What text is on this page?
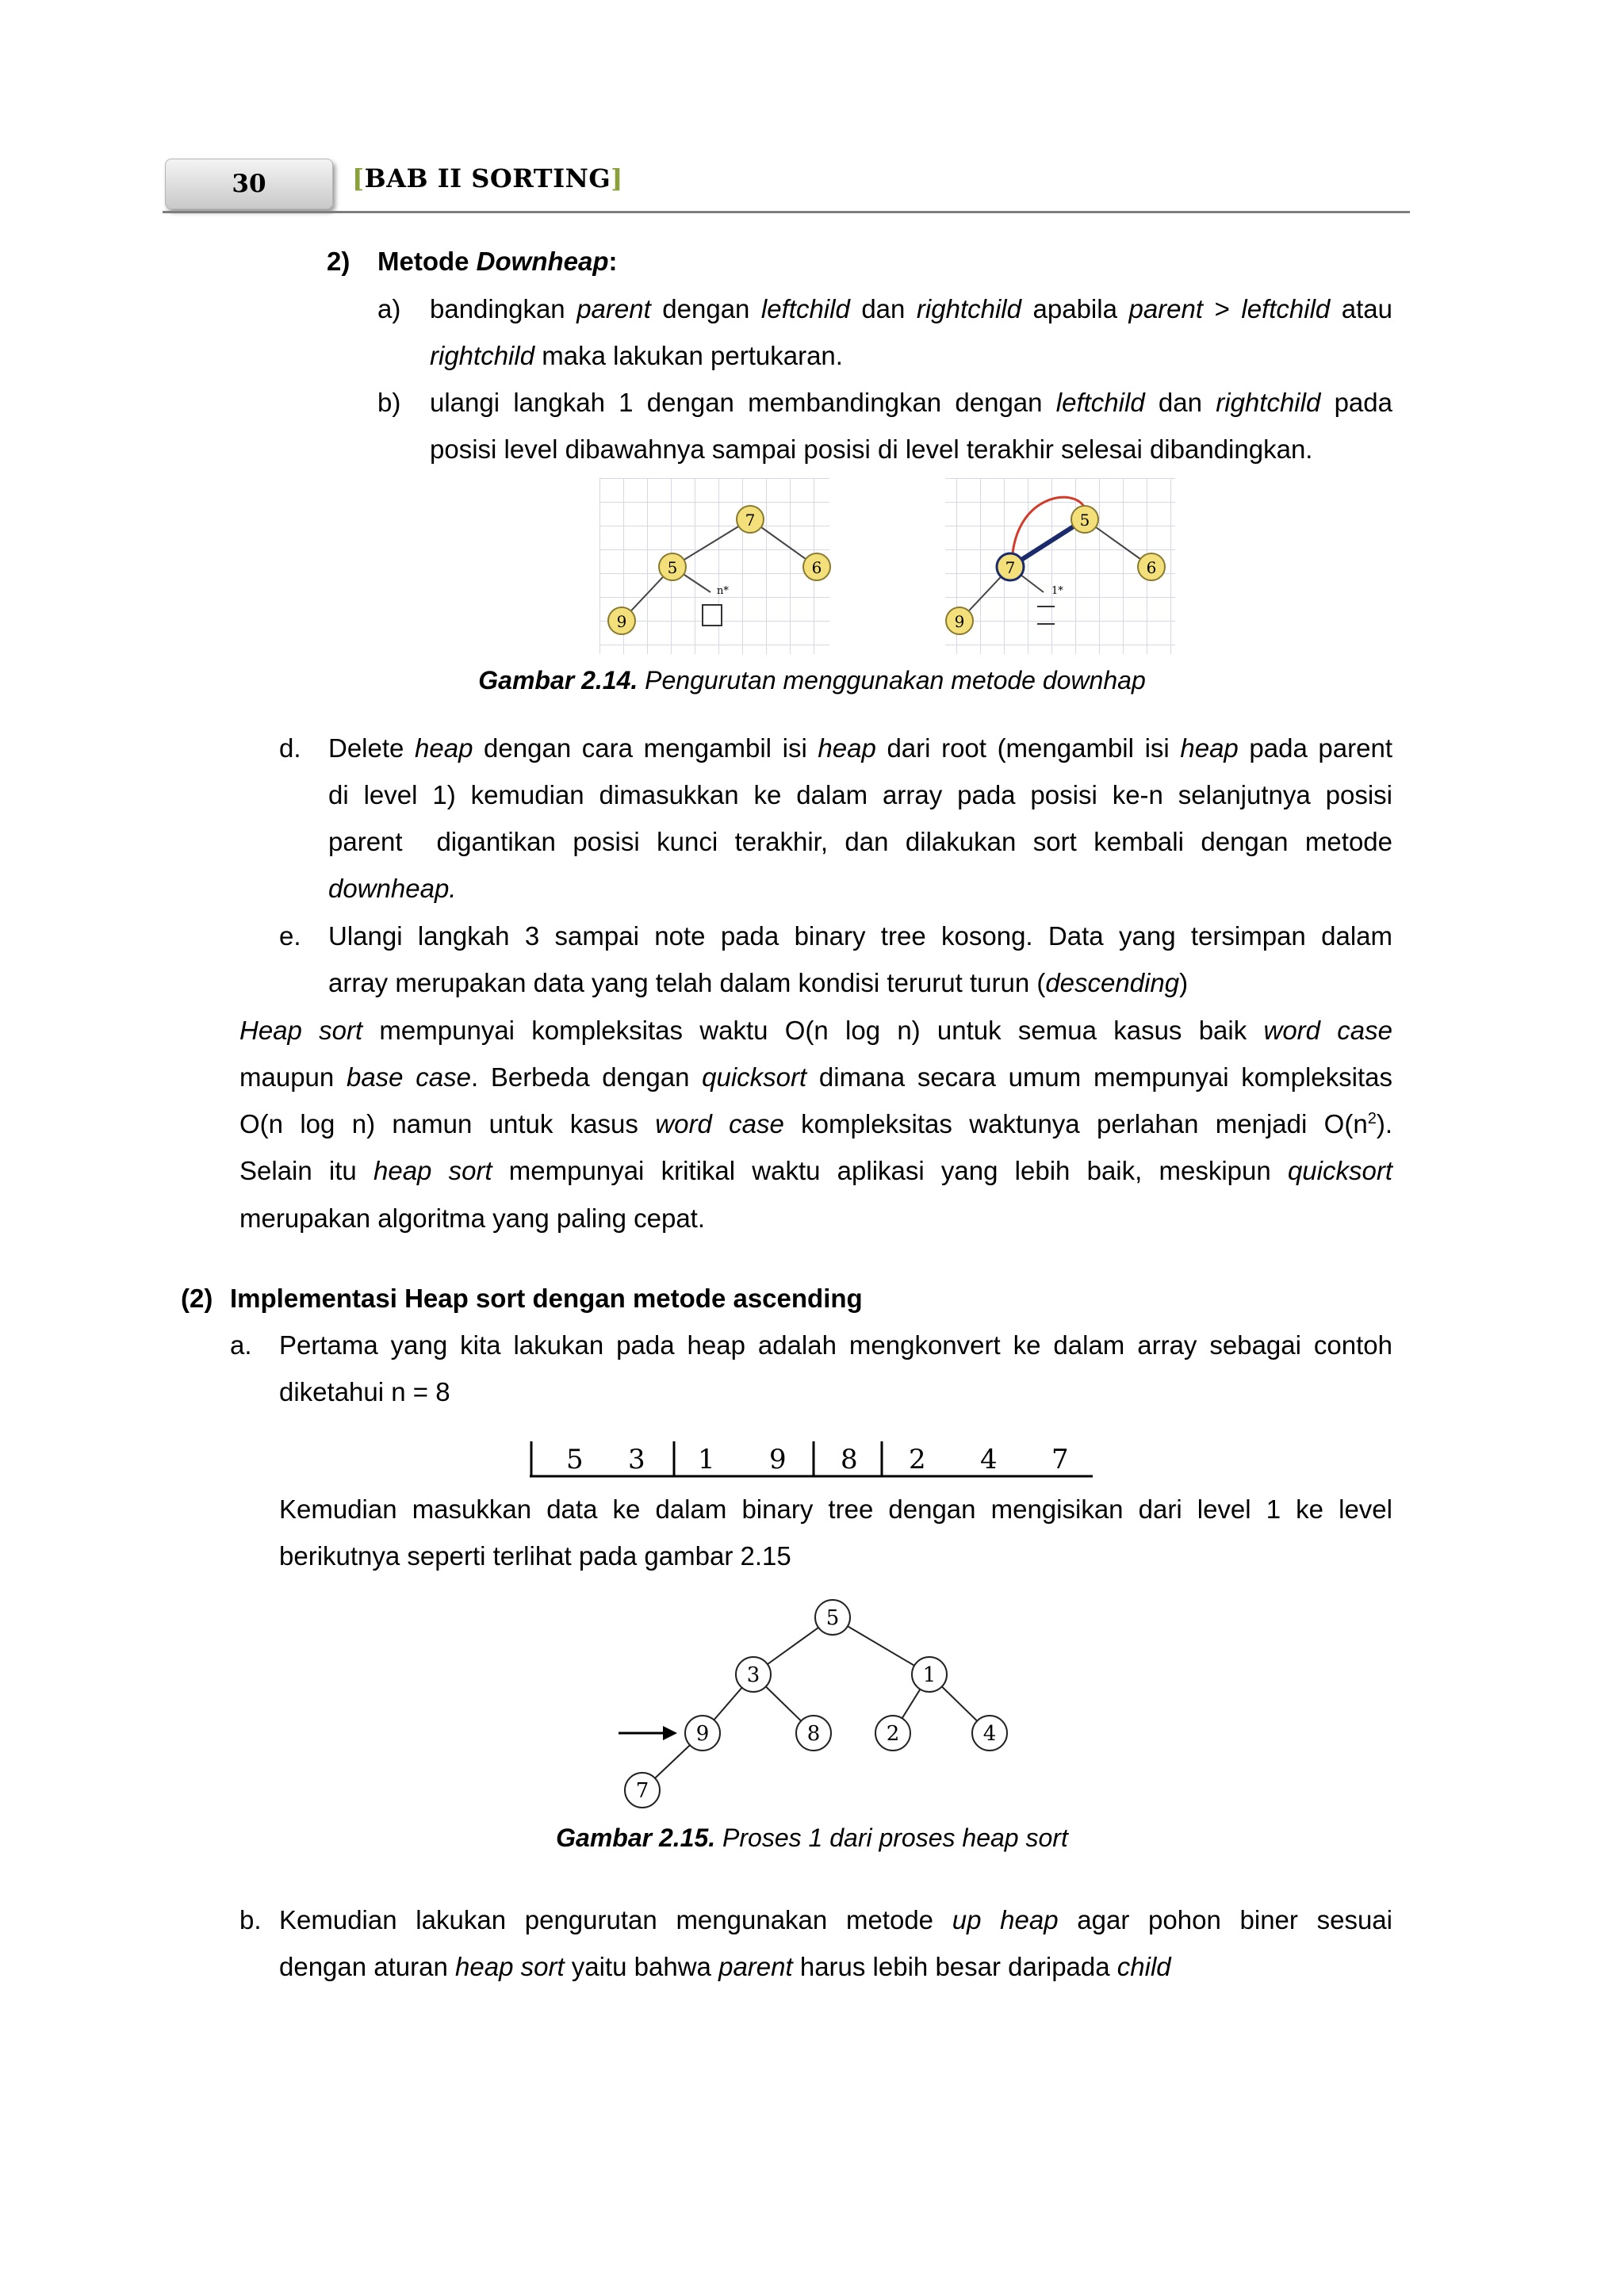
30	[BAB II SORTING]
2) Metode Downheap:
a) bandingkan parent dengan leftchild dan rightchild apabila parent > leftchild atau
rightchild maka lakukan pertukaran.
b) ulangi langkah 1 dengan membandingkan dengan leftchild dan rightchild pada
posisi level dibawahnya sampai posisi di level terakhir selesai dibandingkan.
7
5	6
9
n*
5
7	6
9
1*
Gambar 2.14. Pengurutan menggunakan metode downhap
d. Delete heap dengan cara mengambil isi heap dari root (mengambil isi heap pada parent
di level 1) kemudian dimasukkan ke dalam array pada posisi ke-n selanjutnya posisi
parent  digantikan posisi kunci terakhir, dan dilakukan sort kembali dengan metode
downheap.
e. Ulangi langkah 3 sampai note pada binary tree kosong. Data yang tersimpan dalam
array merupakan data yang telah dalam kondisi terurut turun (descending)
Heap sort mempunyai kompleksitas waktu O(n log n) untuk semua kasus baik word case
maupun base case. Berbeda dengan quicksort dimana secara umum mempunyai kompleksitas
O(n log n) namun untuk kasus word case kompleksitas waktunya perlahan menjadi $O(n^2)$.
Selain itu heap sort mempunyai kritikal waktu aplikasi yang lebih baik, meskipun quicksort
merupakan algoritma yang paling cepat.
(2) Implementasi Heap sort dengan metode ascending
a. Pertama yang kita lakukan pada heap adalah mengkonvert ke dalam array sebagai contoh
diketahui n = 8
5 3 1 9 8 2 4 7
Kemudian masukkan data ke dalam binary tree dengan mengisikan dari level 1 ke level
berikutnya seperti terlihat pada gambar 2.15
5
3	1
9	8	2	4
7
Gambar 2.15. Proses 1 dari proses heap sort
b. Kemudian lakukan pengurutan mengunakan metode up heap agar pohon biner sesuai
dengan aturan heap sort yaitu bahwa parent harus lebih besar daripada child
